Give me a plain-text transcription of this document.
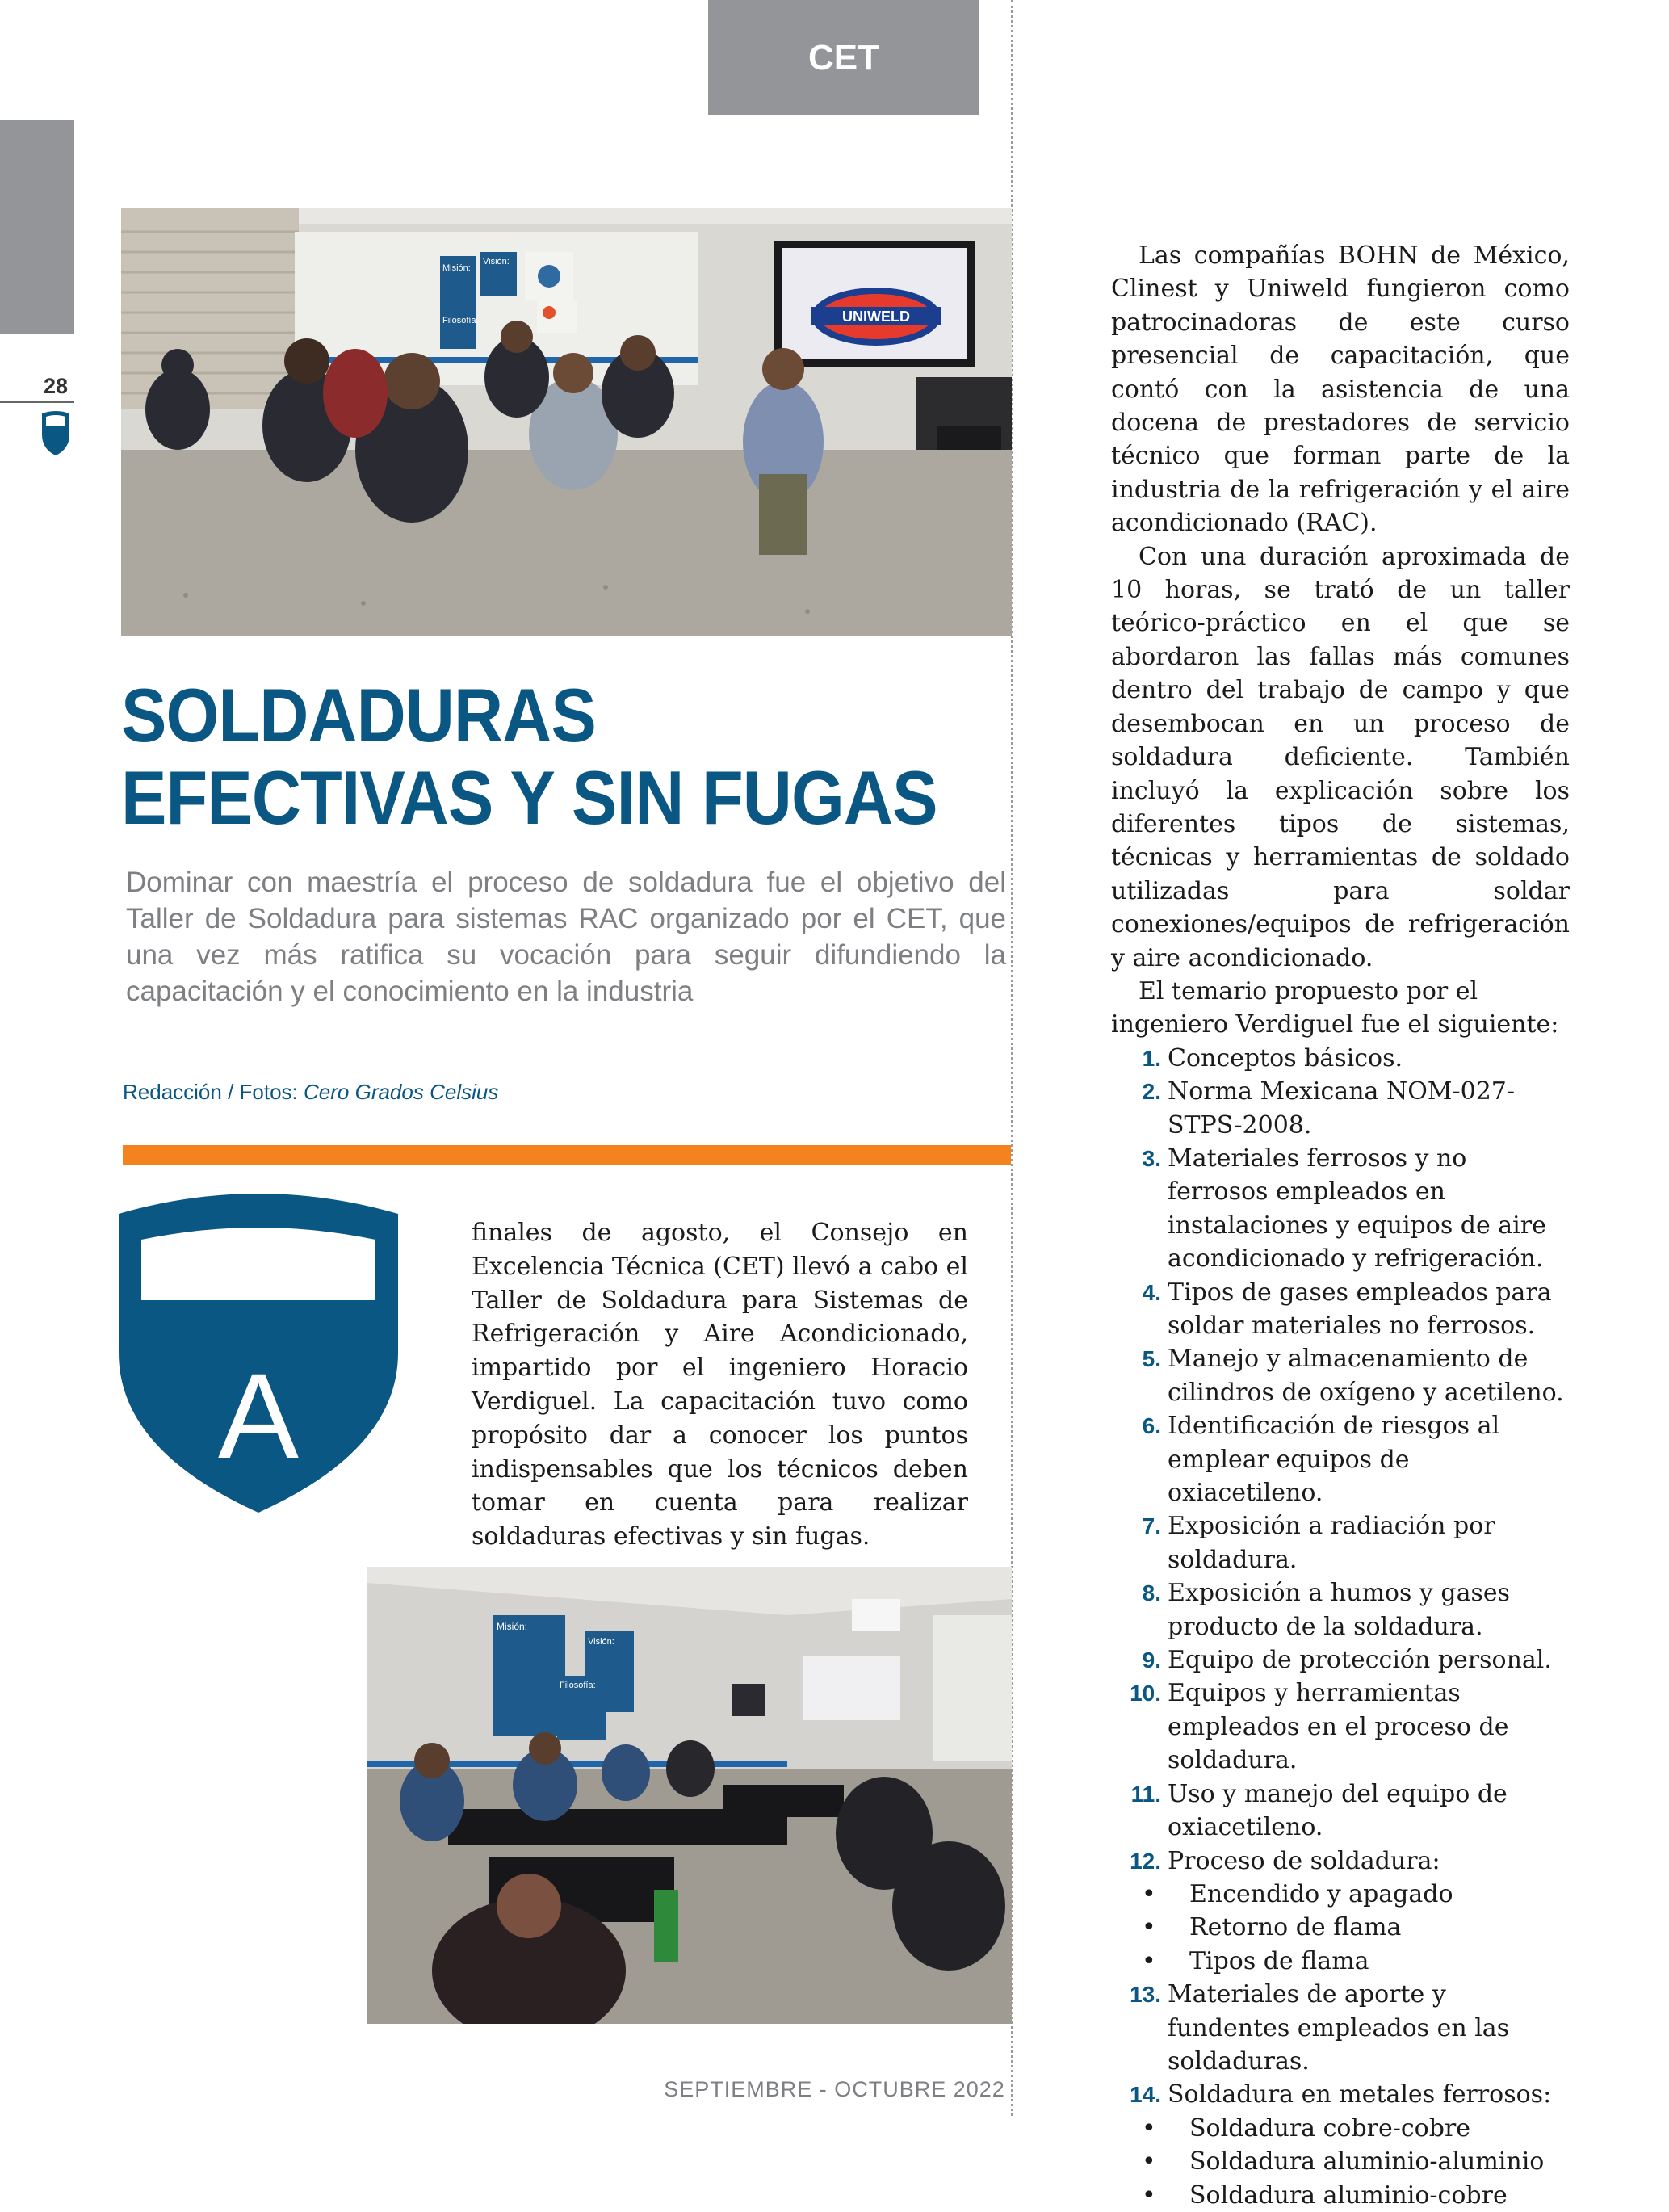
CET
28
Misión:
Visión:
Filosofía:	UNIWELD
SOLDADURAS
EFECTIVAS Y SIN FUGAS
Dominar con maestría el proceso de soldadura fue el objetivo del Taller de Soldadura para sistemas RAC organizado por el CET, que una vez más ratifica su vocación para seguir difundiendo la capacitación y el conocimiento en la industria
Redacción / Fotos: Cero Grados Celsius
A
finales de agosto, el Consejo en Excelencia Técnica (CET) llevó a cabo el Taller de Soldadura para Sistemas de Refrigeración y Aire Acondicionado, impartido por el ingeniero Horacio Verdiguel. La capacitación tuvo como propósito dar a conocer los puntos indispensables que los técnicos deben tomar en cuenta para realizar soldaduras efectivas y sin fugas.
Misión:
Visión:
Filosofía:

Las compañías BOHN de México, Clinest y Uniweld fungieron como patrocinadoras de este curso presencial de capacitación, que contó con la asistencia de una docena de prestadores de servicio técnico que forman parte de la industria de la refrigeración y el aire acondicionado (RAC).

Con una duración aproximada de 10 horas, se trató de un taller teórico-práctico en el que se abordaron las fallas más comunes dentro del trabajo de campo y que desembocan en un proceso de soldadura deficiente. También incluyó la explicación sobre los diferentes tipos de sistemas, técnicas y herramientas de soldado utilizadas para soldar conexiones/equipos de refrigeración y aire acondicionado.

El temario propuesto por el ingeniero Verdiguel fue el siguiente:

1. Conceptos básicos.
2. Norma Mexicana NOM-027-STPS-2008.
3. Materiales ferrosos y no ferrosos empleados en instalaciones y equipos de aire acondicionado y refrigeración.
4. Tipos de gases empleados para soldar materiales no ferrosos.
5. Manejo y almacenamiento de cilindros de oxígeno y acetileno.
6. Identificación de riesgos al emplear equipos de oxiacetileno.
7. Exposición a radiación por soldadura.
8. Exposición a humos y gases producto de la soldadura.
9. Equipo de protección personal.
10. Equipos y herramientas empleados en el proceso de soldadura.
11. Uso y manejo del equipo de oxiacetileno.
12. Proceso de soldadura:
• Encendido y apagado
• Retorno de flama
• Tipos de flama
13. Materiales de aporte y fundentes empleados en las soldaduras.
14. Soldadura en metales ferrosos:
• Soldadura cobre-cobre
• Soldadura aluminio-aluminio
• Soldadura aluminio-cobre
SEPTIEMBRE - OCTUBRE 2022
